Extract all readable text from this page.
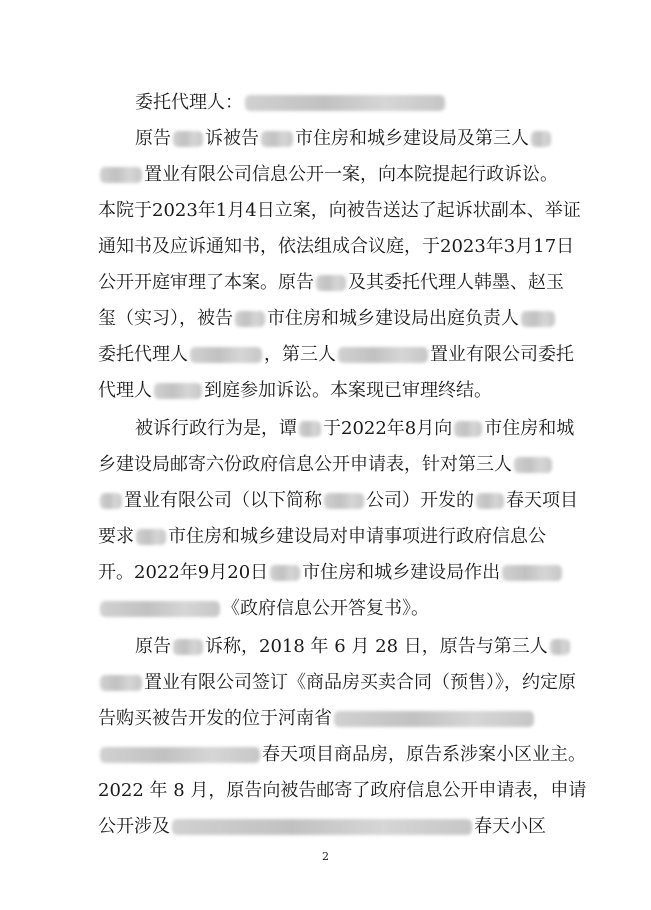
委托代理人：
原告 诉被告 市住房和城乡建设局及第三人
置业有限公司信息公开一案，向本院提起行政诉讼。
本院于2023年1月4日立案，向被告送达了起诉状副本、举证
通知书及应诉通知书，依法组成合议庭，于2023年3月17日
公开开庭审理了本案。原告 及其委托代理人韩墨、赵玉
玺（实习），被告 市住房和城乡建设局出庭负责人
委托代理人	，第三人	置业有限公司委托
代理人	到庭参加诉讼。本案现已审理终结。
被诉行政行为是，谭 于2022年8月向 市住房和城
乡建设局邮寄六份政府信息公开申请表，针对第三人
置业有限公司（以下简称 公司）开发的 春天项目
要求 市住房和城乡建设局对申请事项进行政府信息公
开。2022年9月20日 市住房和城乡建设局作出
《政府信息公开答复书》。
原告 诉称，2018 年 6 月 28 日，原告与第三人
置业有限公司签订《商品房买卖合同（预售）》，约定原
告购买被告开发的位于河南省
春天项目商品房，原告系涉案小区业主。
2022 年 8 月，原告向被告邮寄了政府信息公开申请表，申请
公开涉及	春天小区
2
